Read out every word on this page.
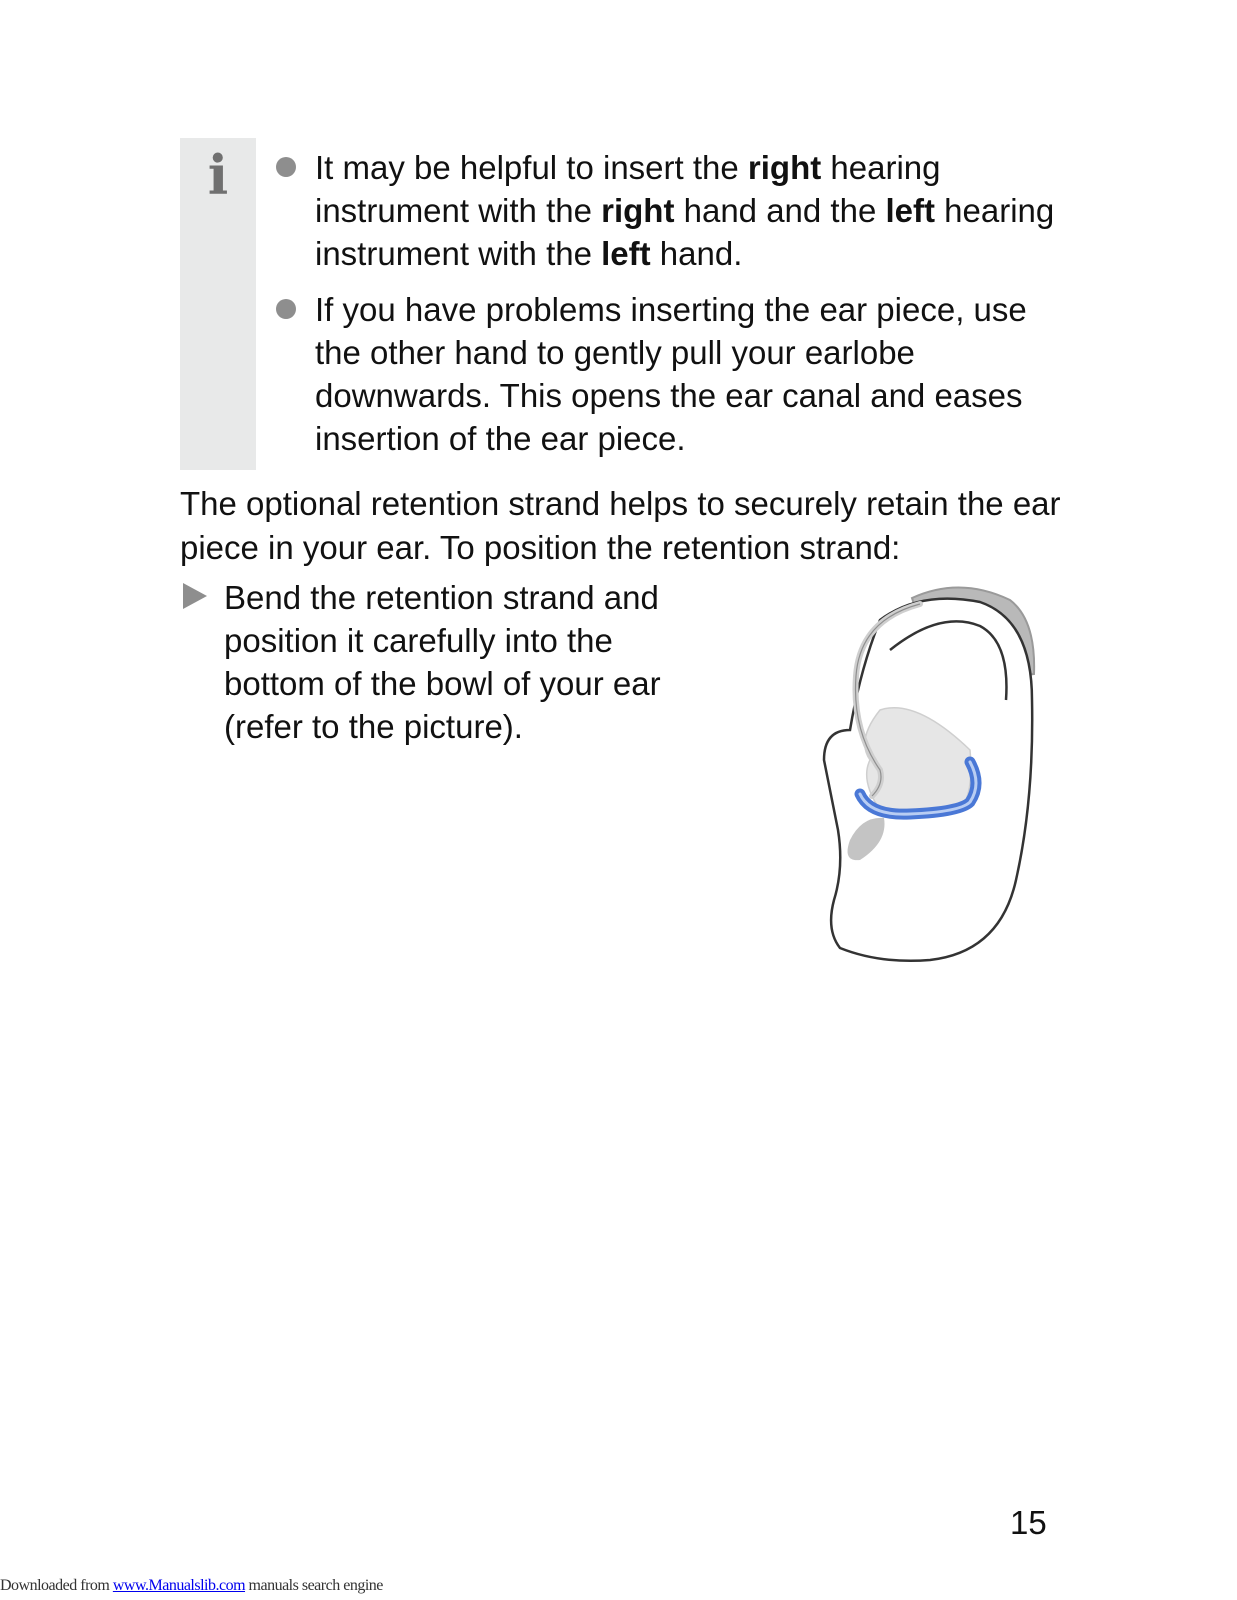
i	It may be helpful to insert the right hearing instrument with the right hand and the left hearing instrument with the left hand.
If you have problems inserting the ear piece, use the other hand to gently pull your earlobe downwards. This opens the ear canal and eases insertion of the ear piece.
The optional retention strand helps to securely retain the ear piece in your ear. To position the retention strand:
Bend the retention strand and position it carefully into the bottom of the bowl of your ear (refer to the picture).
15
Downloaded from www.Manualslib.com manuals search engine
